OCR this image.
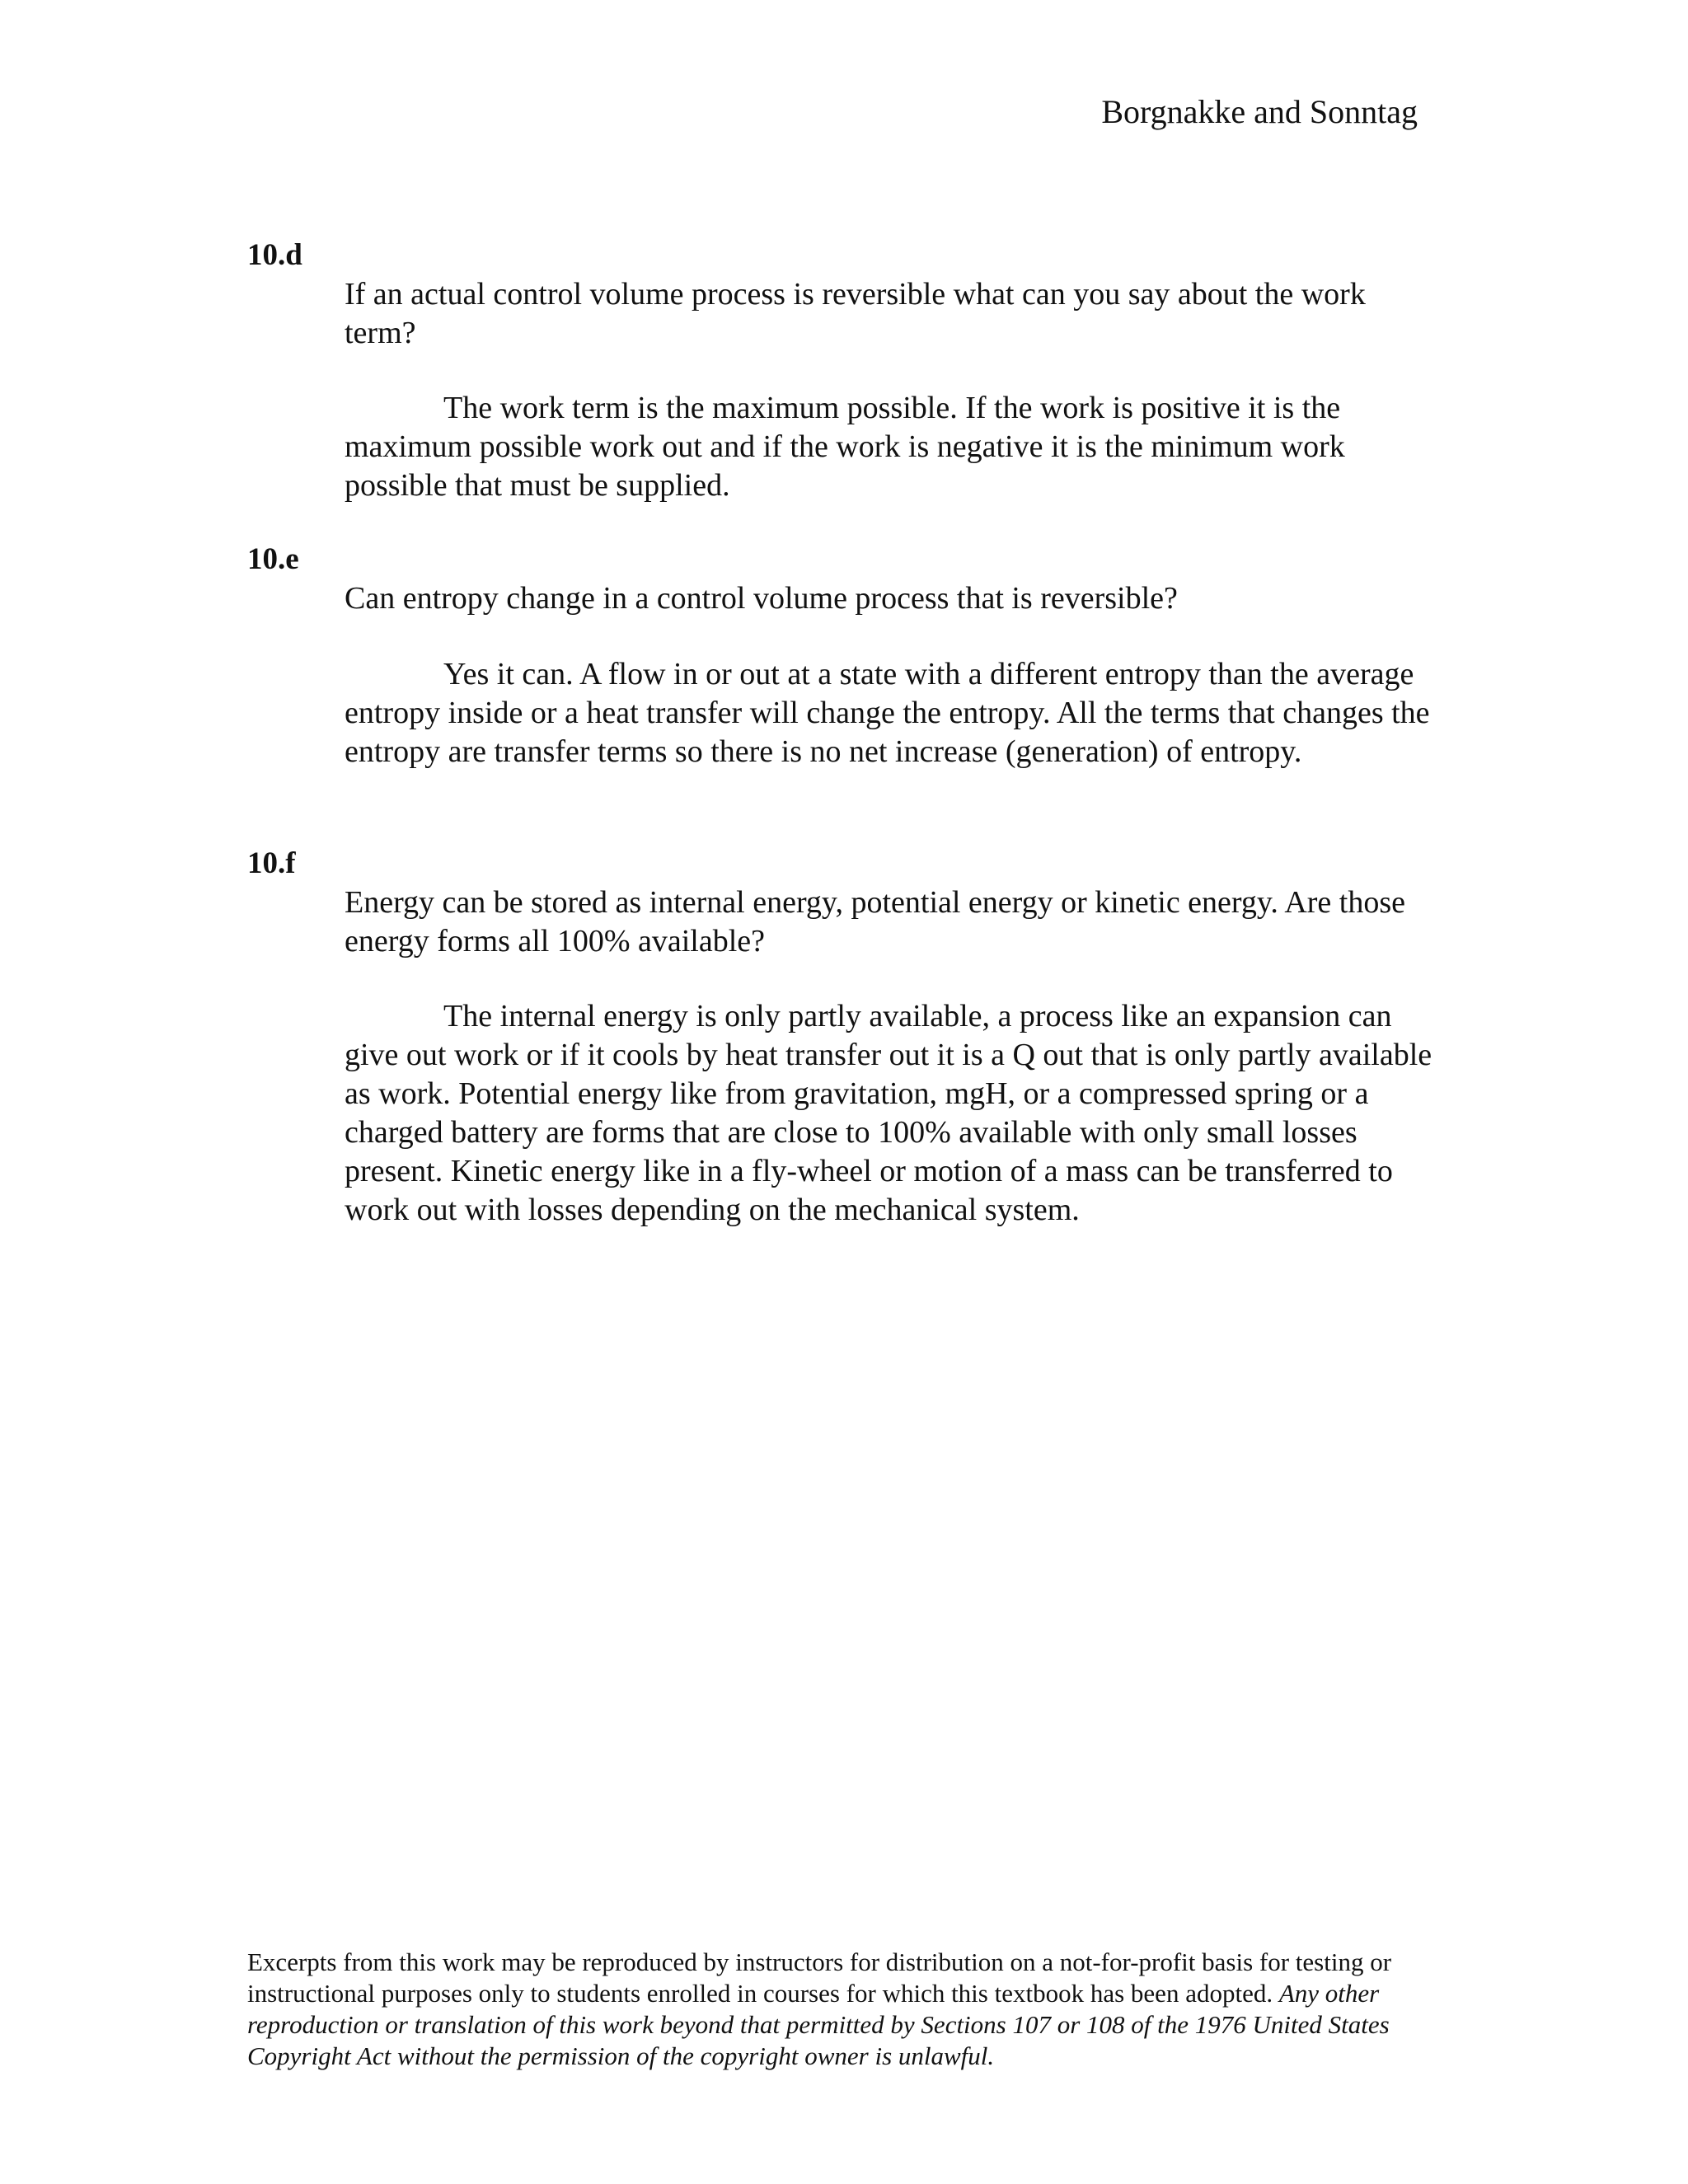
Borgnakke and Sonntag
10.d

If an actual control volume process is reversible what can you say about the work term?

The work term is the maximum possible. If the work is positive it is the maximum possible work out and if the work is negative it is the minimum work possible that must be supplied.

10.e

Can entropy change in a control volume process that is reversible?

Yes it can. A flow in or out at a state with a different entropy than the average entropy inside or a heat transfer will change the entropy. All the terms that changes the entropy are transfer terms so there is no net increase (generation) of entropy.

10.f

Energy can be stored as internal energy, potential energy or kinetic energy. Are those energy forms all 100% available?

The internal energy is only partly available, a process like an expansion can give out work or if it cools by heat transfer out it is a Q out that is only partly available as work. Potential energy like from gravitation, mgH, or a compressed spring or a charged battery are forms that are close to 100% available with only small losses present. Kinetic energy like in a fly-wheel or motion of a mass can be transferred to work out with losses depending on the mechanical system.

Excerpts from this work may be reproduced by instructors for distribution on a not-for-profit basis for testing or instructional purposes only to students enrolled in courses for which this textbook has been adopted. Any other reproduction or translation of this work beyond that permitted by Sections 107 or 108 of the 1976 United States Copyright Act without the permission of the copyright owner is unlawful.
